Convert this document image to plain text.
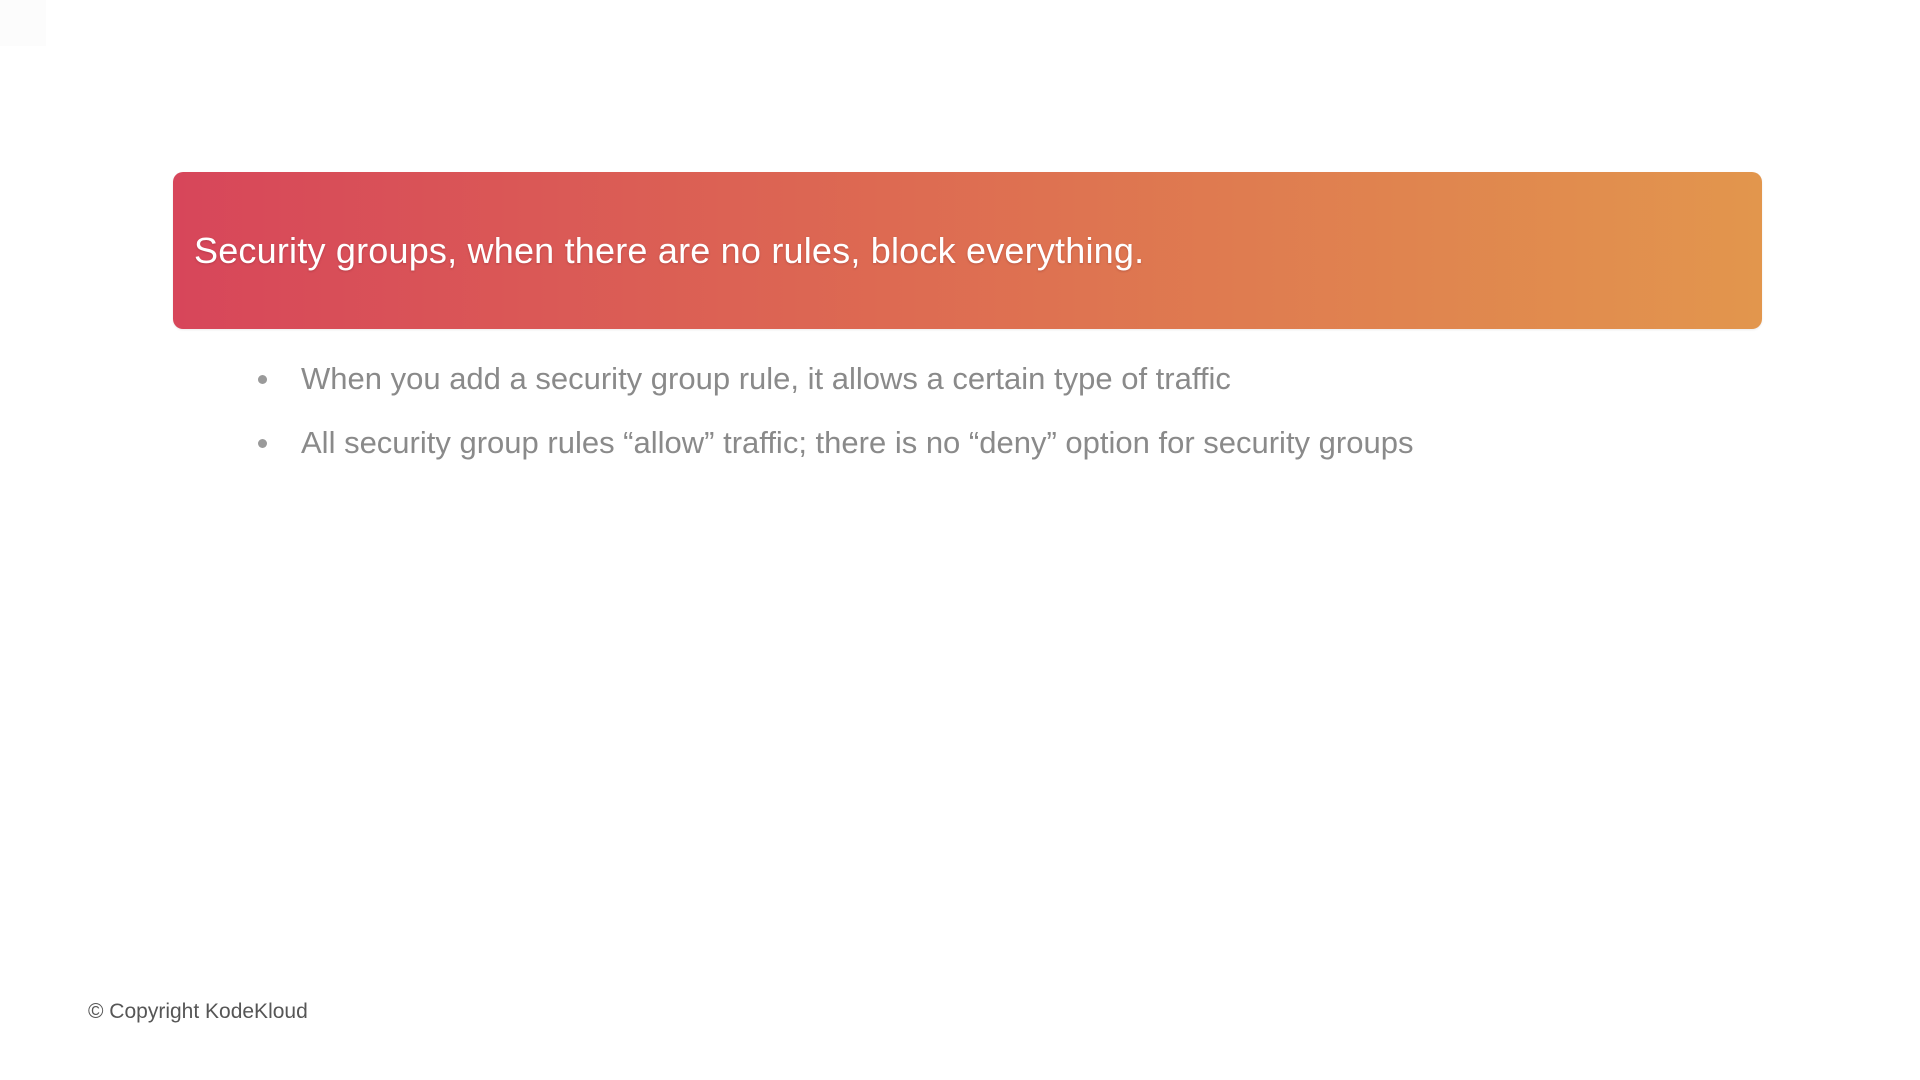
Security groups, when there are no rules, block everything.
When you add a security group rule, it allows a certain type of traffic
All security group rules “allow” traffic; there is no “deny” option for security groups
© Copyright KodeKloud
